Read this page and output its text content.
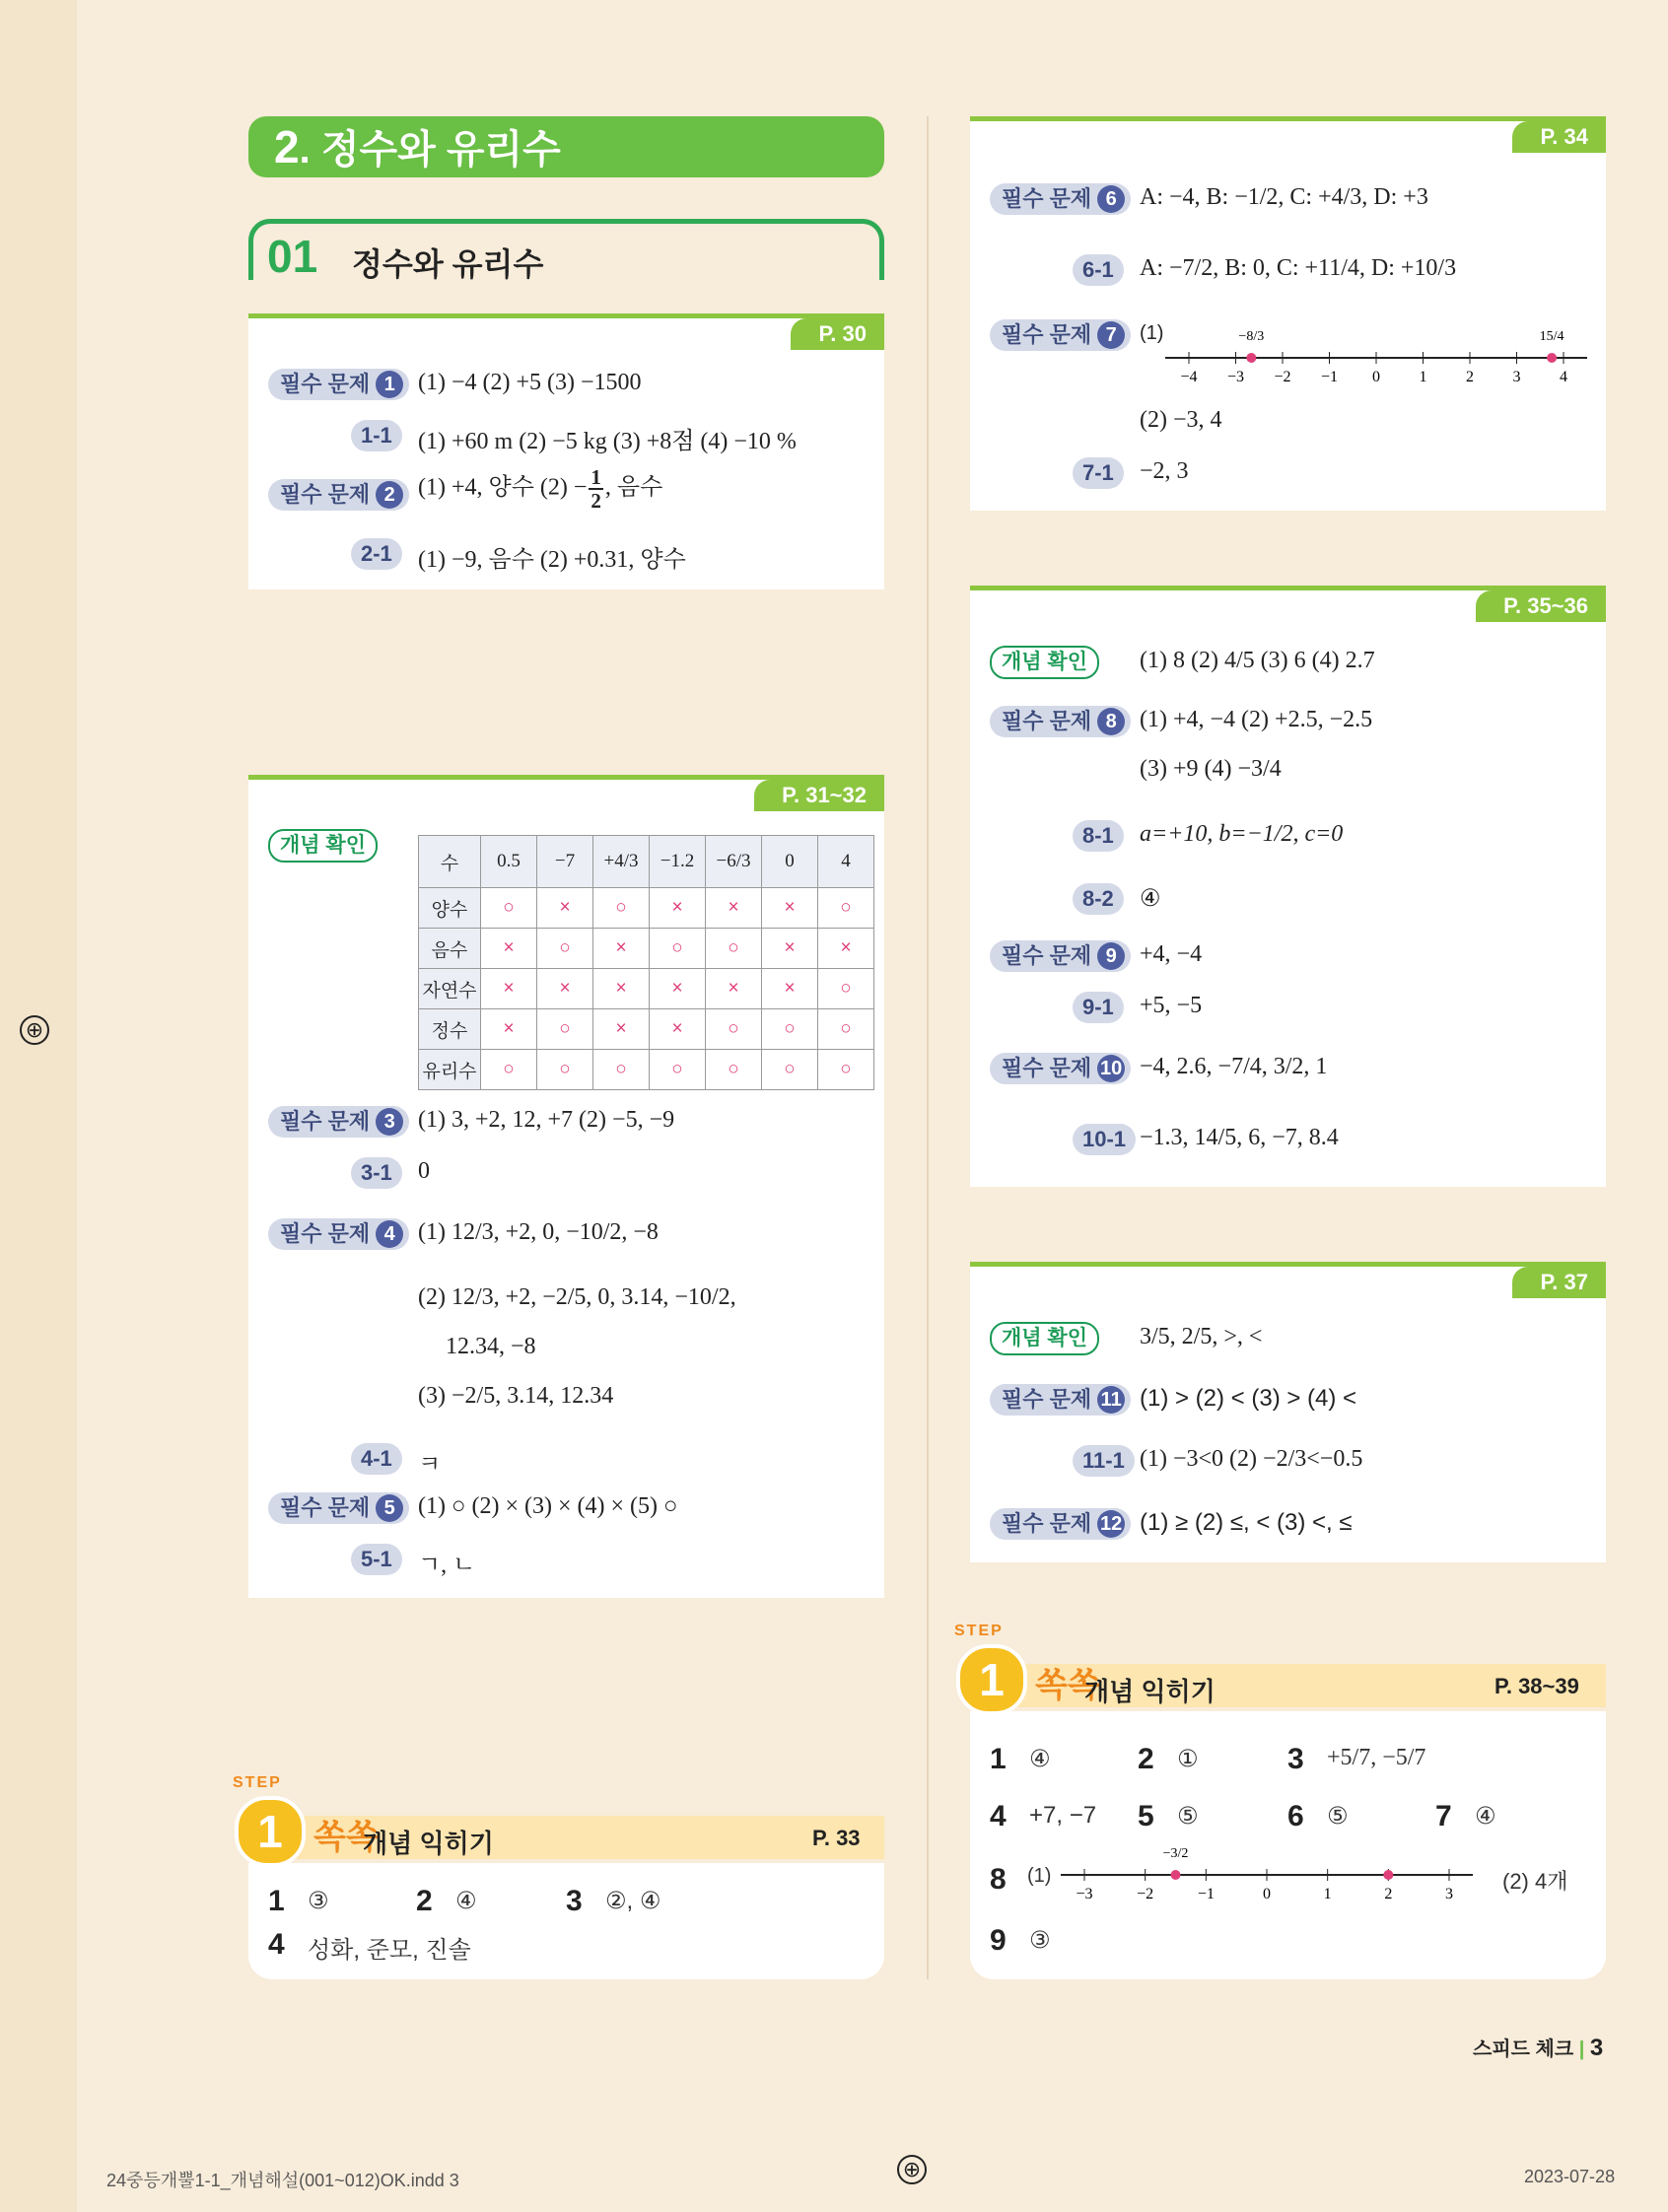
2. 정수와 유리수
01 정수와 유리수
P. 30
필수 문제 1 (1) −4 (2) +5 (3) −1500
1-1	(1) +60 m (2) −5 kg (3) +8점 (4) −10 %
필수 문제 2 (1) +4, 양수 $(2) - \frac{1}{2}$ , 음수
2-1	(1) −9, 음수 (2) +0.31, 양수
P. 31~32
개념 확인
수	0.5	−7	+4/3	−1.2	−6/3	0	4
양수	○	×	○	×	×	×	○
음수	×	○	×	○	○	×	×
자연수	×	×	×	×	×	×	○
정수	×	○	×	×	○	○	○
유리수	○	○	○	○	○	○	○
필수 문제 3 (1) 3, +2, 12, +7 (2) −5, −9
3-1	0
필수 문제 4 (1) 12/3, +2, 0, −10/2, −8
(2) 12/3, +2, −2/5, 0, 3.14, −10/2,
12.34, −8
(3) −2/5, 3.14, 12.34
4-1	ㅋ
필수 문제 5 (1) ○ (2) × (3) × (4) × (5) ○
5-1	ㄱ, ㄴ
STEP
1 쏙쏙
개념 익히기	P. 33
1 ③	2 ④	3 ②, ④
4 성화, 준모, 진솔
P. 34
필수 문제 6 A: −4, B: −1/2, C: +4/3, D: +3
6-1	A: −7/2, B: 0, C: +11/4, D: +10/3
필수 문제 7	(1)
−4 −3 −2 −1 0 1 2 3 4
−8/3	15/4
(2) −3, 4
7-1	−2, 3
P. 35~36
개념 확인	(1) 8 (2) 4/5 (3) 6 (4) 2.7
필수 문제 8 (1) +4, −4 (2) +2.5, −2.5
(3) +9 (4) −3/4
8-1	a=+10, b=−1/2, c=0
8-2	④
필수 문제 9 +4, −4
9-1	+5, −5
필수 문제 10 −4, 2.6, −7/4, 3/2, 1
10-1 −1.3, 14/5, 6, −7, 8.4
P. 37
개념 확인	3/5, 2/5, >, <
필수 문제 11 (1) > (2) < (3) > (4) <
11-1 (1) −3<0 (2) −2/3<−0.5
필수 문제 12 (1) ≥ (2) ≤, < (3) <, ≤
STEP
1 쏙쏙
개념 익히기	P. 38~39
1 ④	2 ①	3 +5/7, −5/7
4 +7, −7 5 ⑤	6 ⑤	7 ④
8 (1)
−3	−2	−1	0	1	2	3
−3/2
(2) 4개
9 ③
스피드 체크 | 3
24중등개뿔1-1_개념해설(001~012)OK.indd 3	2023-07-28
⊕
⊕
